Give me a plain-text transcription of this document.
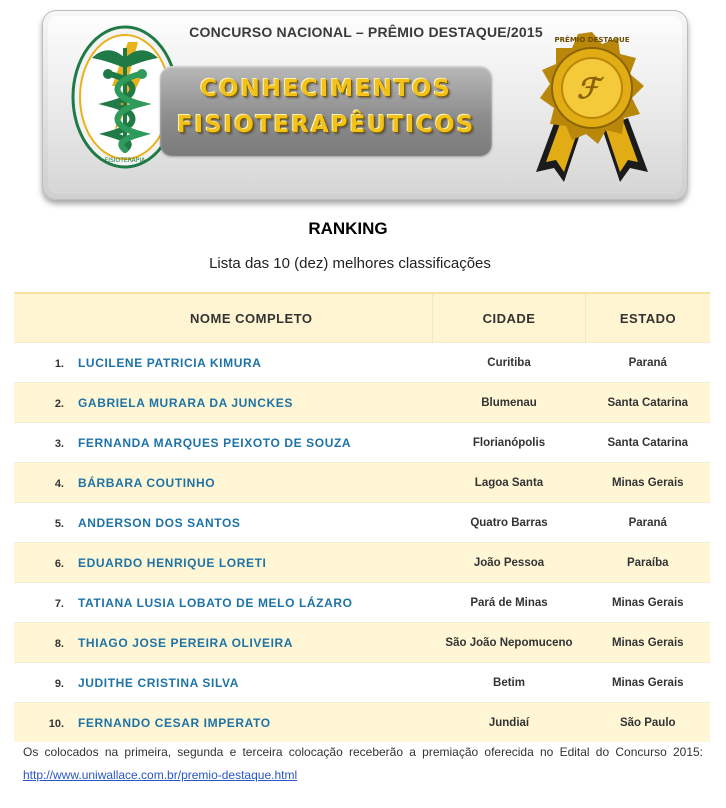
FISIOTERAPIA
CONCURSO NACIONAL – PRÊMIO DESTAQUE/2015
CONHECIMENTOS
FISIOTERAPÊUTICOS
ℱ
PRÊMIO DESTAQUE
RANKING
Lista das 10 (dez) melhores classificações
NOME COMPLETO	CIDADE	ESTADO
1. LUCILENE PATRICIA KIMURA	Curitiba	Paraná
2. GABRIELA MURARA DA JUNCKES	Blumenau	Santa Catarina
3. FERNANDA MARQUES PEIXOTO DE SOUZA	Florianópolis	Santa Catarina
4. BÁRBARA COUTINHO	Lagoa Santa	Minas Gerais
5. ANDERSON DOS SANTOS	Quatro Barras	Paraná
6. EDUARDO HENRIQUE LORETI	João Pessoa	Paraíba
7. TATIANA LUSIA LOBATO DE MELO LÁZARO	Pará de Minas	Minas Gerais
8. THIAGO JOSE PEREIRA OLIVEIRA	São João Nepomuceno	Minas Gerais
9. JUDITHE CRISTINA SILVA	Betim	Minas Gerais
10. FERNANDO CESAR IMPERATO	Jundiaí	São Paulo
Os colocados na primeira, segunda e terceira colocação receberão a premiação oferecida no Edital do Concurso 2015:
http://www.uniwallace.com.br/premio-destaque.html
